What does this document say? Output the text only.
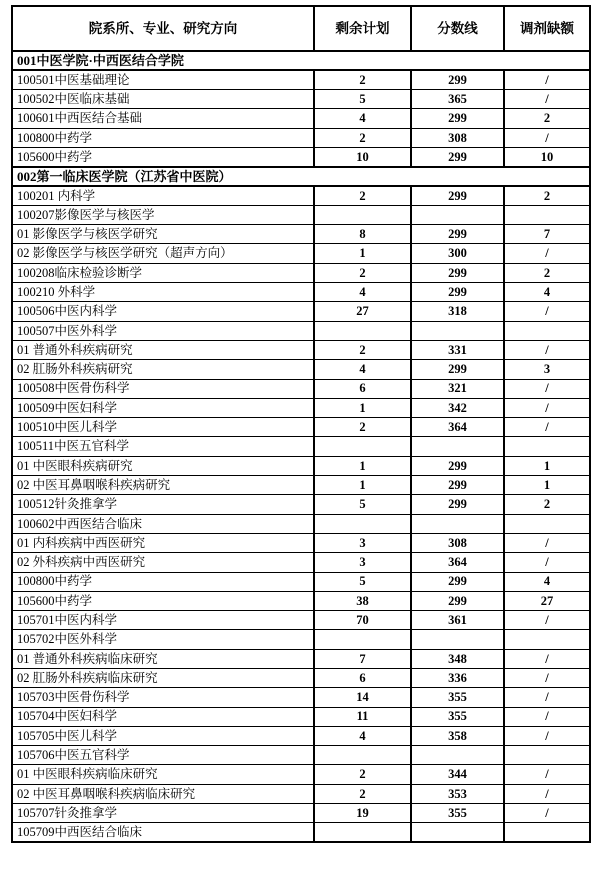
院系所、专业、研究方向	剩余计划	分数线	调剂缺额
001中医学院·中西医结合学院			
100501中医基础理论	2	299	/
100502中医临床基础	5	365	/
100601中西医结合基础	4	299	2
100800中药学	2	308	/
105600中药学	10	299	10
002第一临床医学院（江苏省中医院）			
100201 内科学	2	299	2
100207影像医学与核医学			
01 影像医学与核医学研究	8	299	7
02 影像医学与核医学研究（超声方向）	1	300	/
100208临床检验诊断学	2	299	2
100210 外科学	4	299	4
100506中医内科学	27	318	/
100507中医外科学			
01 普通外科疾病研究	2	331	/
02 肛肠外科疾病研究	4	299	3
100508中医骨伤科学	6	321	/
100509中医妇科学	1	342	/
100510中医儿科学	2	364	/
100511中医五官科学			
01 中医眼科疾病研究	1	299	1
02 中医耳鼻咽喉科疾病研究	1	299	1
100512针灸推拿学	5	299	2
100602中西医结合临床			
01 内科疾病中西医研究	3	308	/
02 外科疾病中西医研究	3	364	/
100800中药学	5	299	4
105600中药学	38	299	27
105701中医内科学	70	361	/
105702中医外科学			
01 普通外科疾病临床研究	7	348	/
02 肛肠外科疾病临床研究	6	336	/
105703中医骨伤科学	14	355	/
105704中医妇科学	11	355	/
105705中医儿科学	4	358	/
105706中医五官科学			
01 中医眼科疾病临床研究	2	344	/
02 中医耳鼻咽喉科疾病临床研究	2	353	/
105707针灸推拿学	19	355	/
105709中西医结合临床			
